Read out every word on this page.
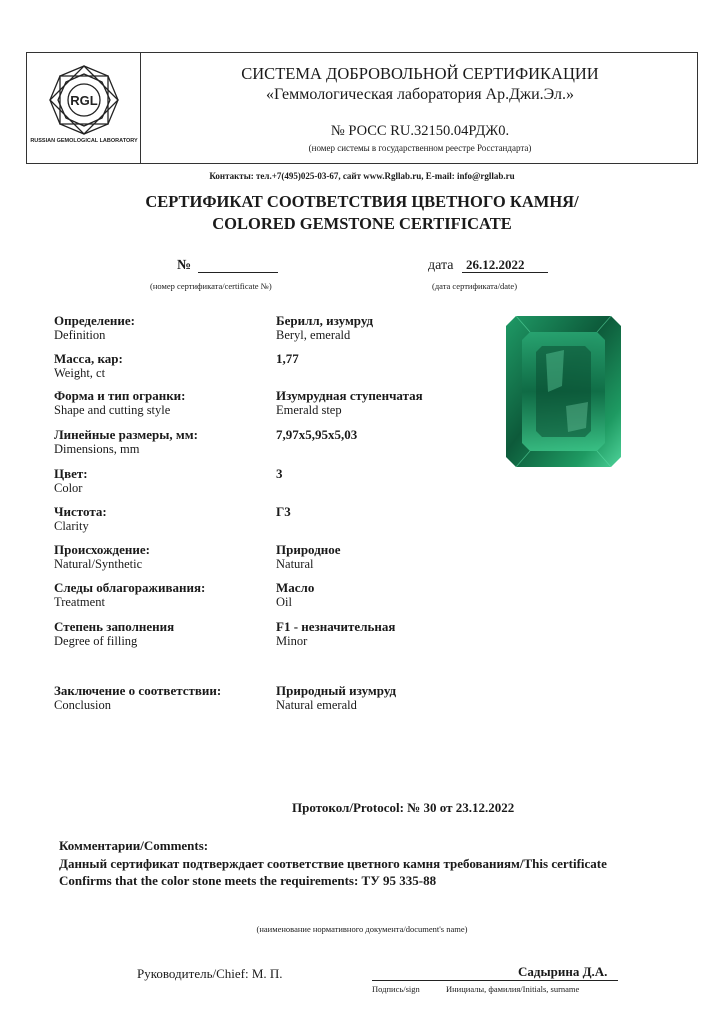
RGL
RUSSIAN GEMOLOGICAL LABORATORY
СИСТЕМА ДОБРОВОЛЬНОЙ СЕРТИФИКАЦИИ
«Геммологическая лаборатория Ар.Джи.Эл.»
№ РОСС RU.32150.04РДЖ0.
(номер системы в государственном реестре Росстандарта)
Контакты: тел.+7(495)025-03-67, сайт www.Rgllab.ru, E-mail: info@rgllab.ru
СЕРТИФИКАТ СООТВЕТСТВИЯ ЦВЕТНОГО КАМНЯ/
COLORED GEMSTONE CERTIFICATE
№
(номер сертификата/certificate №)
дата 26.12.2022
(дата сертификата/date)
Определение:
Definition
Берилл, изумруд
Beryl, emerald
Масса, кар:
Weight, ct
1,77
Форма и тип огранки:
Shape and cutting style
Изумрудная ступенчатая
Emerald step
Линейные размеры, мм:
Dimensions, mm
7,97x5,95x5,03
Цвет:
Color
3
Чистота:
Clarity
Г3
Происхождение:
Natural/Synthetic
Природное
Natural
Следы облагораживания:
Treatment
Масло
Oil
Степень заполнения
Degree of filling
F1 - незначительная
Minor
Заключение о соответствии:
Conclusion
Природный изумруд
Natural emerald
Протокол/Protocol: № 30 от 23.12.2022
Комментарии/Comments:
Данный сертификат подтверждает соответствие цветного камня требованиям/This certificate
Confirms that the color stone meets the requirements: ТУ 95 335-88
(наименование нормативного документа/document's name)
Руководитель/Chief: М. П.	Садырина Д.А.
Подпись/sign	Инициалы, фамилия/Initials, surname
